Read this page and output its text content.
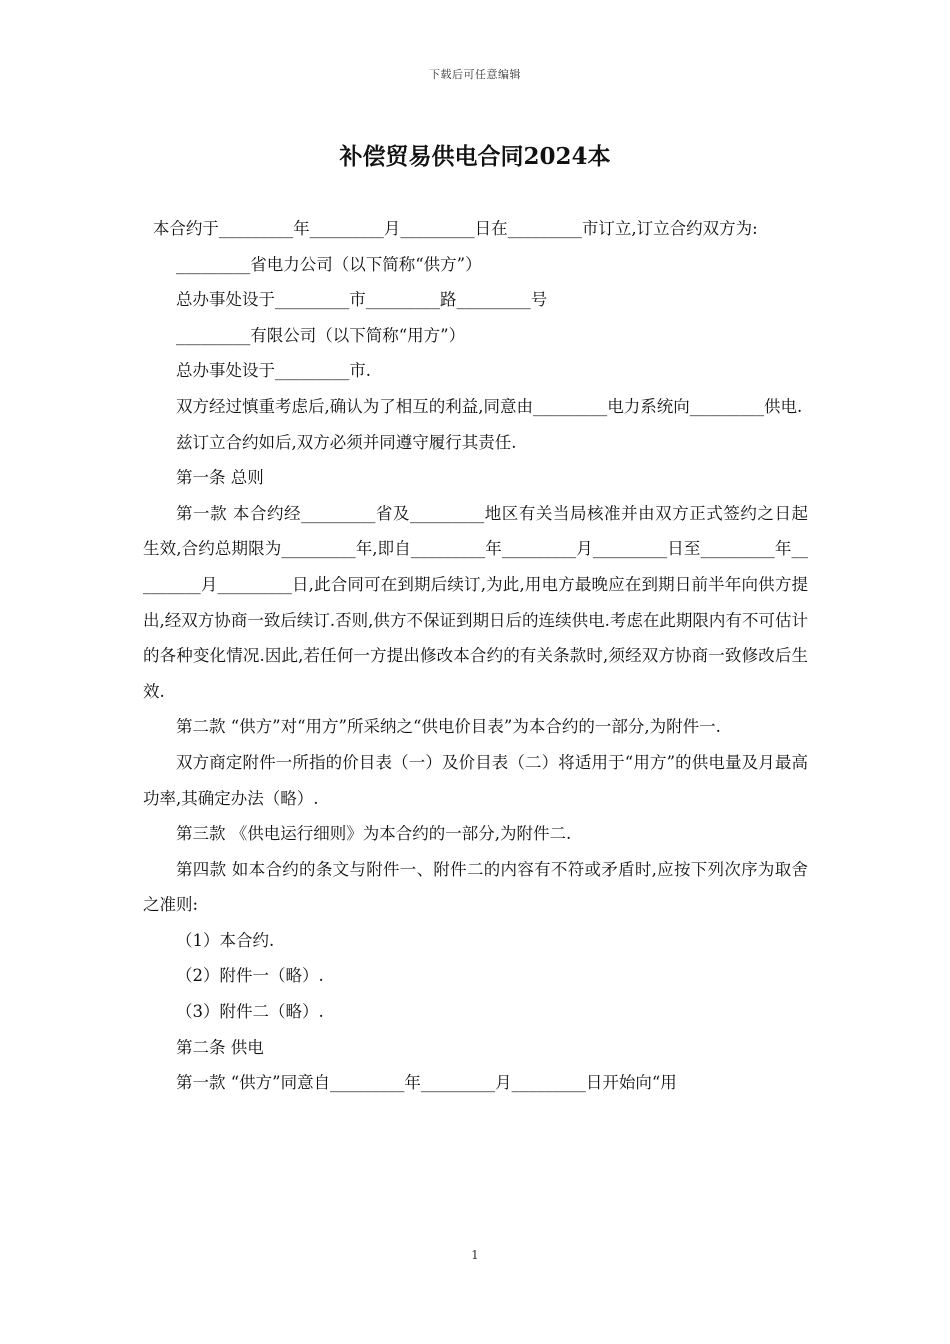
下载后可任意编辑
补偿贸易供电合同2024本

本合约于_________年_________月_________日在_________市订立,订立合约双方为:

_________省电力公司（以下简称“供方”）

总办事处设于_________市_________路_________号

_________有限公司（以下简称“用方”）

总办事处设于_________市.

双方经过慎重考虑后,确认为了相互的利益,同意由_________电力系统向_________供电.

兹订立合约如后,双方必须并同遵守履行其责任.

第一条 总则

第一款 本合约经_________省及_________地区有关当局核准并由双方正式签约之日起生效,合约总期限为_________年,即自_________年_________月_________日至_________年_________月_________日,此合同可在到期后续订,为此,用电方最晚应在到期日前半年向供方提出,经双方协商一致后续订.否则,供方不保证到期日后的连续供电.考虑在此期限内有不可估计的各种变化情况.因此,若任何一方提出修改本合约的有关条款时,须经双方协商一致修改后生效.

第二款 “供方”对“用方”所采纳之“供电价目表”为本合约的一部分,为附件一.

双方商定附件一所指的价目表（一）及价目表（二）将适用于“用方”的供电量及月最高功率,其确定办法（略）.

第三款 《供电运行细则》为本合约的一部分,为附件二.

第四款 如本合约的条文与附件一、附件二的内容有不符或矛盾时,应按下列次序为取舍之准则:

（1）本合约.

（2）附件一（略）.

（3）附件二（略）.

第二条 供电

第一款 “供方”同意自_________年_________月_________日开始向“用

1
